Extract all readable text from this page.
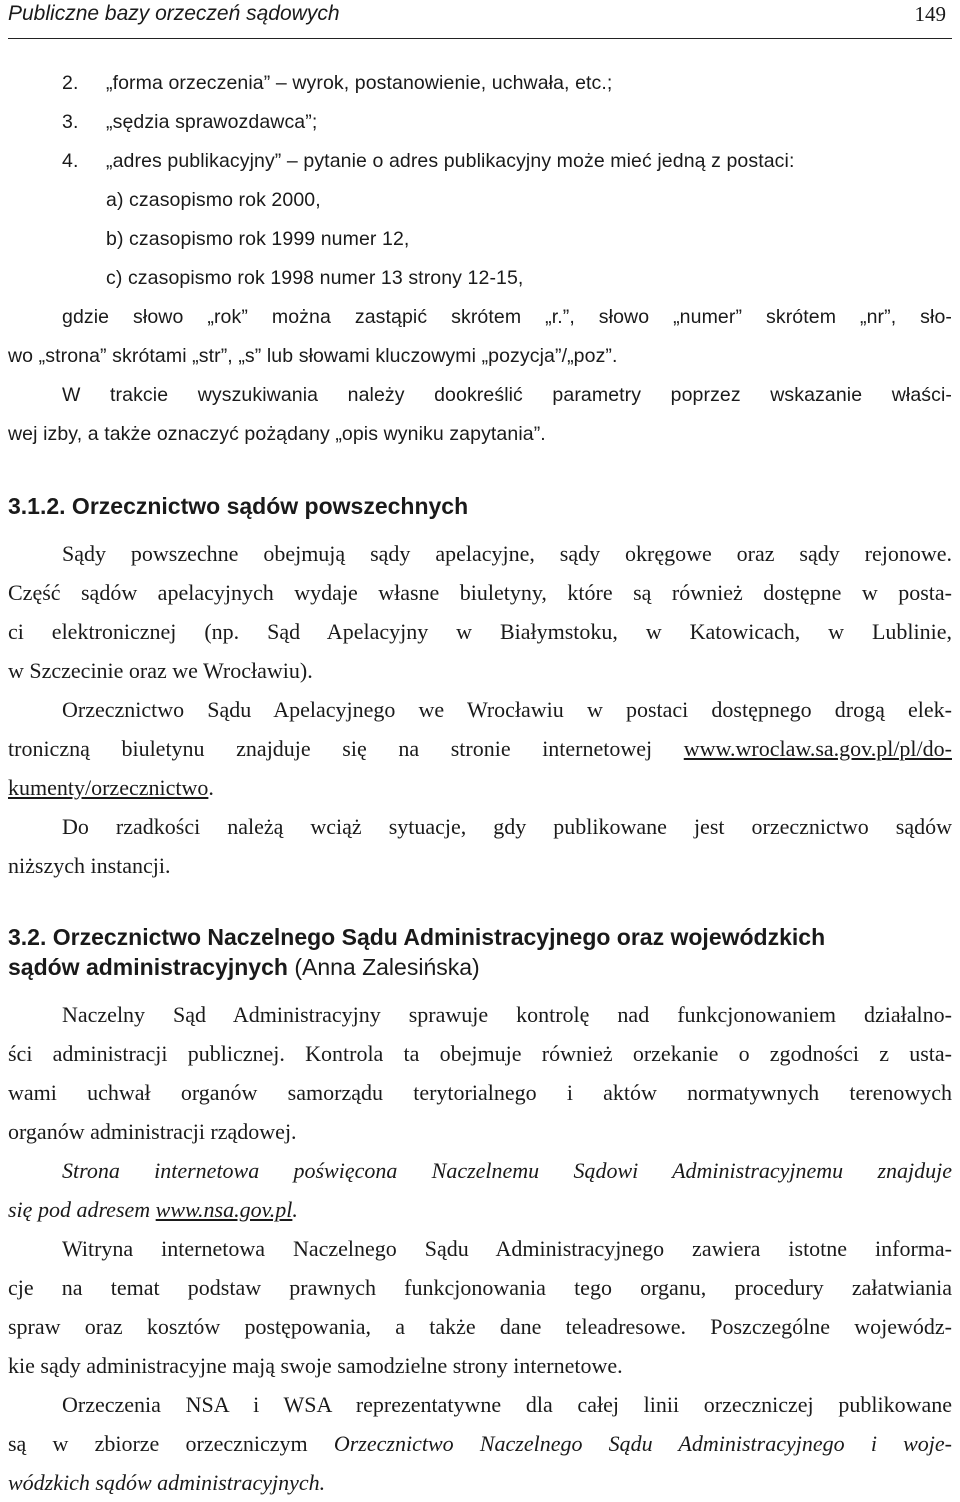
Publiczne bazy orzeczeń sądowych	149
2. „forma orzeczenia” – wyrok, postanowienie, uchwała, etc.;
3. „sędzia sprawozdawca”;
4. „adres publikacyjny” – pytanie o adres publikacyjny może mieć jedną z postaci:
a) czasopismo rok 2000,
b) czasopismo rok 1999 numer 12,
c) czasopismo rok 1998 numer 13 strony 12-15,
gdzie słowo „rok” można zastąpić skrótem „r.”, słowo „numer” skrótem „nr”, sło-
wo „strona” skrótami „str”, „s” lub słowami kluczowymi „pozycja”/„poz”.
W trakcie wyszukiwania należy dookreślić parametry poprzez wskazanie właści-
wej izby, a także oznaczyć pożądany „opis wyniku zapytania”.
3.1.2. Orzecznictwo sądów powszechnych
Sądy powszechne obejmują sądy apelacyjne, sądy okręgowe oraz sądy rejonowe.
Część sądów apelacyjnych wydaje własne biuletyny, które są również dostępne w posta-
ci elektronicznej (np. Sąd Apelacyjny w Białymstoku, w Katowicach, w Lublinie,
w Szczecinie oraz we Wrocławiu).
Orzecznictwo Sądu Apelacyjnego we Wrocławiu w postaci dostępnego drogą elek-
troniczną biuletynu znajduje się na stronie internetowej www.wroclaw.sa.gov.pl/pl/do-
kumenty/orzecznictwo.
Do rzadkości należą wciąż sytuacje, gdy publikowane jest orzecznictwo sądów
niższych instancji.
3.2. Orzecznictwo Naczelnego Sądu Administracyjnego oraz wojewódzkich
sądów administracyjnych (Anna Zalesińska)
Naczelny Sąd Administracyjny sprawuje kontrolę nad funkcjonowaniem działalno-
ści administracji publicznej. Kontrola ta obejmuje również orzekanie o zgodności z usta-
wami uchwał organów samorządu terytorialnego i aktów normatywnych terenowych
organów administracji rządowej.
Strona internetowa poświęcona Naczelnemu Sądowi Administracyjnemu znajduje
się pod adresem www.nsa.gov.pl.
Witryna internetowa Naczelnego Sądu Administracyjnego zawiera istotne informa-
cje na temat podstaw prawnych funkcjonowania tego organu, procedury załatwiania
spraw oraz kosztów postępowania, a także dane teleadresowe. Poszczególne wojewódz-
kie sądy administracyjne mają swoje samodzielne strony internetowe.
Orzeczenia NSA i WSA reprezentatywne dla całej linii orzeczniczej publikowane
są w zbiorze orzeczniczym Orzecznictwo Naczelnego Sądu Administracyjnego i woje-
wódzkich sądów administracyjnych.
